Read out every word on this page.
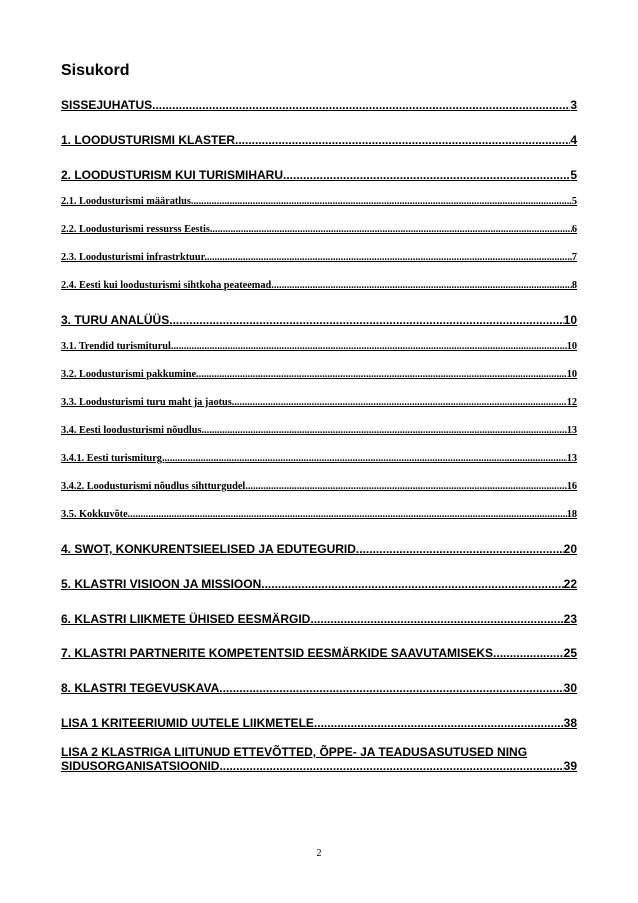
Sisukord
SISSEJUHATUS. .....	3
1. LOODUSTURISMI KLASTER. .....	4
2. LOODUSTURISM KUI TURISMIHARU. .....	5
2.1. Loodusturismi määratlus. .....	5
2.2. Loodusturismi ressurss Eestis. .....	6
2.3. Loodusturismi infrastrktuur. .....	7
2.4. Eesti kui loodusturismi sihtkoha peateemad. .....	8
3. TURU ANALÜÜS. .....	10
3.1. Trendid turismiturul. .....	10
3.2. Loodusturismi pakkumine. .....	10
3.3. Loodusturismi turu maht ja jaotus. .....	12
3.4. Eesti loodusturismi nõudlus. .....	13
3.4.1. Eesti turismiturg. .....	13
3.4.2. Loodusturismi nõudlus sihtturgudel. .....	16
3.5. Kokkuvõte. .....	18
4. SWOT, KONKURENTSIEELISED JA EDUTEGURID. .....	20
5. KLASTRI VISIOON JA MISSIOON. .....	22
6. KLASTRI LIIKMETE ÜHISED EESMÄRGID. .....	23
7. KLASTRI PARTNERITE KOMPETENTSID EESMÄRKIDE SAAVUTAMISEKS. .....	25
8. KLASTRI TEGEVUSKAVA. .....	30
LISA 1 KRITEERIUMID UUTELE LIIKMETELE. .....	38
LISA 2 KLASTRIGA LIITUNUD ETTEVÕTTED, ÕPPE- JA TEADUSASUTUSED NING
SIDUSORGANISATSIOONID. .....	39

2
